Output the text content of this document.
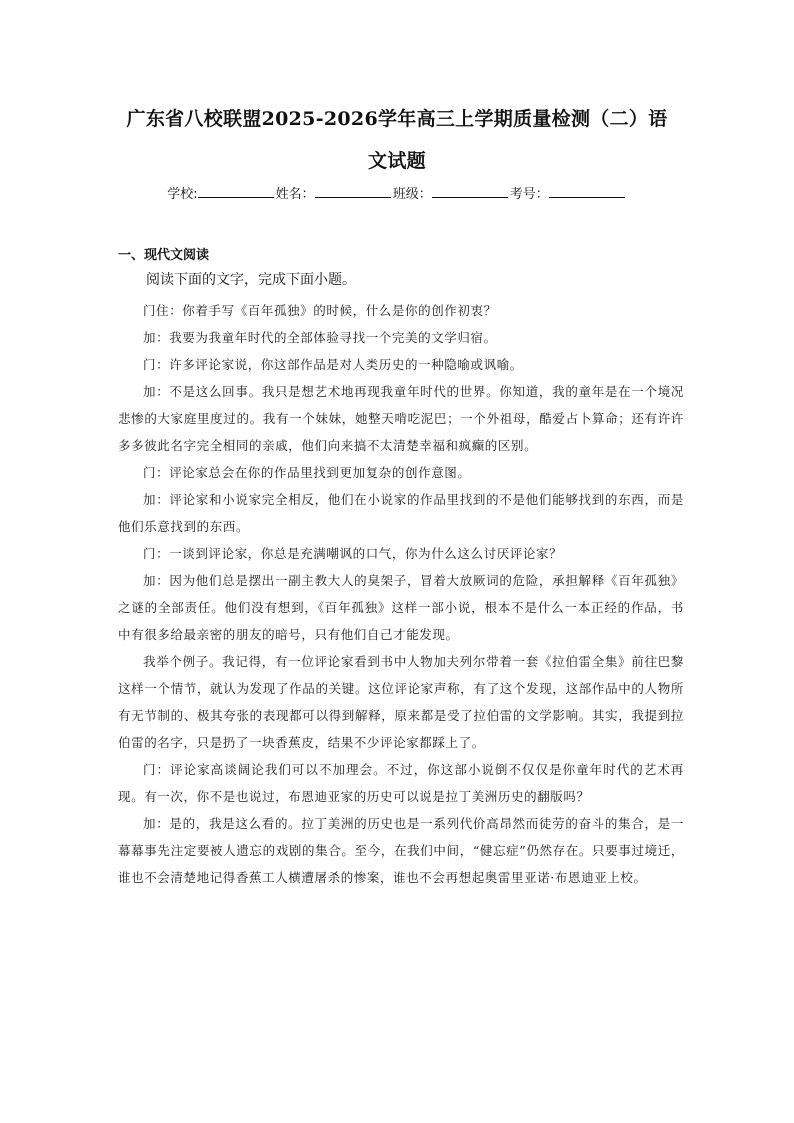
广东省八校联盟2025-2026学年高三上学期质量检测（二）语
文试题
学校:	姓名：	班级：	考号：
一、现代文阅读
阅读下面的文字，完成下面小题。

门住：你着手写《百年孤独》的时候，什么是你的创作初衷？

加：我要为我童年时代的全部体验寻找一个完美的文学归宿。

门：许多评论家说，你这部作品是对人类历史的一种隐喻或讽喻。

加：不是这么回事。我只是想艺术地再现我童年时代的世界。你知道，我的童年是在一个境况悲惨的大家庭里度过的。我有一个妹妹，她整天啃吃泥巴；一个外祖母，酷爱占卜算命；还有许许多多彼此名字完全相同的亲戚，他们向来搞不太清楚幸福和疯癫的区别。

门：评论家总会在你的作品里找到更加复杂的创作意图。

加：评论家和小说家完全相反，他们在小说家的作品里找到的不是他们能够找到的东西，而是他们乐意找到的东西。

门：一谈到评论家，你总是充满嘲讽的口气，你为什么这么讨厌评论家？

加：因为他们总是摆出一副主教大人的臭架子，冒着大放厥词的危险，承担解释《百年孤独》之谜的全部责任。他们没有想到，《百年孤独》这样一部小说，根本不是什么一本正经的作品，书中有很多给最亲密的朋友的暗号，只有他们自己才能发现。

我举个例子。我记得，有一位评论家看到书中人物加夫列尔带着一套《拉伯雷全集》前往巴黎这样一个情节，就认为发现了作品的关键。这位评论家声称，有了这个发现，这部作品中的人物所有无节制的、极其夸张的表现都可以得到解释，原来都是受了拉伯雷的文学影响。其实，我提到拉伯雷的名字，只是扔了一块香蕉皮，结果不少评论家都踩上了。

门：评论家高谈阔论我们可以不加理会。不过，你这部小说倒不仅仅是你童年时代的艺术再现。有一次，你不是也说过，布恩迪亚家的历史可以说是拉丁美洲历史的翻版吗？

加：是的，我是这么看的。拉丁美洲的历史也是一系列代价高昂然而徒劳的奋斗的集合，是一幕幕事先注定要被人遗忘的戏剧的集合。至今，在我们中间，“健忘症”仍然存在。只要事过境迁，谁也不会清楚地记得香蕉工人横遭屠杀的惨案，谁也不会再想起奥雷里亚诺·布恩迪亚上校。
